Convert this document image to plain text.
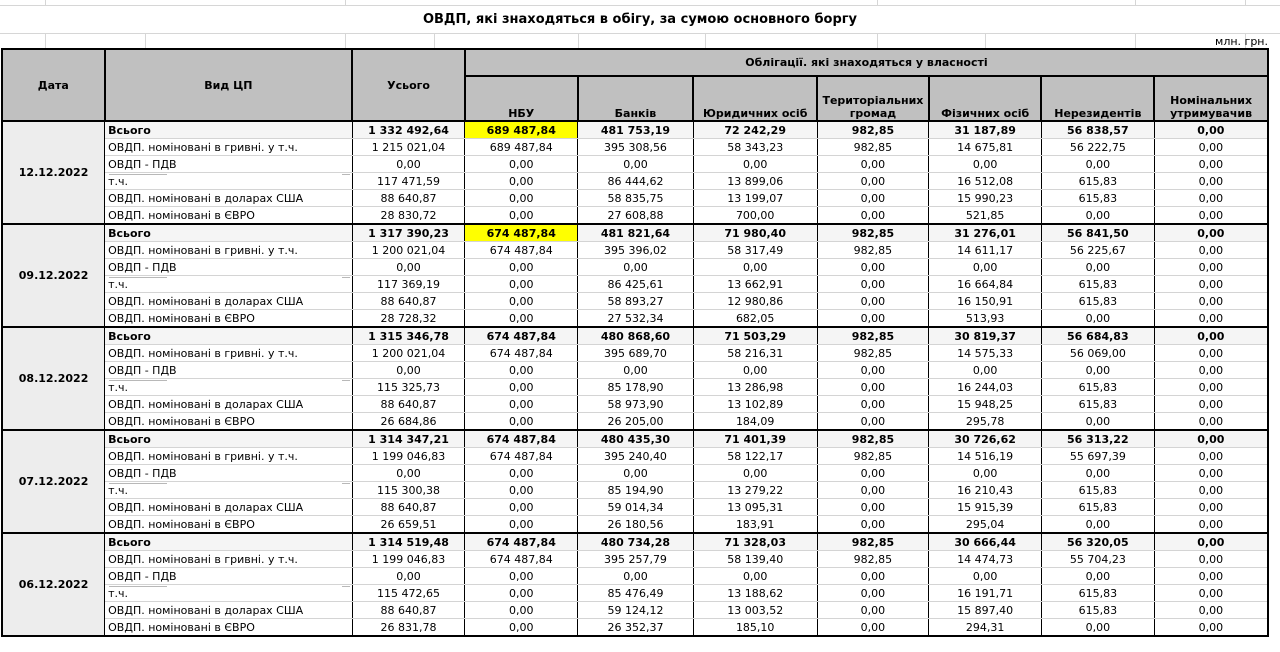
ОВДП, які знаходяться в обігу, за сумою основного боргу
млн. грн.
Дата	Вид ЦП	Усього	Облігації. які знаходяться у власності						
			НБУ	Банків	Юридичних осіб	Територіальних громад	Фізичних осіб	Нерезидентів	Номінальних утримувачив
12.12.2022	Всього	1 332 492,64	689 487,84	481 753,19	72 242,29	982,85	31 187,89	56 838,57	0,00
	ОВДП. номіновані в гривні. у т.ч.	1 215 021,04	689 487,84	395 308,56	58 343,23	982,85	14 675,81	56 222,75	0,00
	ОВДП - ПДВ	0,00	0,00	0,00	0,00	0,00	0,00	0,00	0,00
	т.ч.	117 471,59	0,00	86 444,62	13 899,06	0,00	16 512,08	615,83	0,00
	ОВДП. номіновані в доларах США	88 640,87	0,00	58 835,75	13 199,07	0,00	15 990,23	615,83	0,00
	ОВДП. номіновані в ЄВРО	28 830,72	0,00	27 608,88	700,00	0,00	521,85	0,00	0,00
09.12.2022	Всього	1 317 390,23	674 487,84	481 821,64	71 980,40	982,85	31 276,01	56 841,50	0,00
	ОВДП. номіновані в гривні. у т.ч.	1 200 021,04	674 487,84	395 396,02	58 317,49	982,85	14 611,17	56 225,67	0,00
	ОВДП - ПДВ	0,00	0,00	0,00	0,00	0,00	0,00	0,00	0,00
	т.ч.	117 369,19	0,00	86 425,61	13 662,91	0,00	16 664,84	615,83	0,00
	ОВДП. номіновані в доларах США	88 640,87	0,00	58 893,27	12 980,86	0,00	16 150,91	615,83	0,00
	ОВДП. номіновані в ЄВРО	28 728,32	0,00	27 532,34	682,05	0,00	513,93	0,00	0,00
08.12.2022	Всього	1 315 346,78	674 487,84	480 868,60	71 503,29	982,85	30 819,37	56 684,83	0,00
	ОВДП. номіновані в гривні. у т.ч.	1 200 021,04	674 487,84	395 689,70	58 216,31	982,85	14 575,33	56 069,00	0,00
	ОВДП - ПДВ	0,00	0,00	0,00	0,00	0,00	0,00	0,00	0,00
	т.ч.	115 325,73	0,00	85 178,90	13 286,98	0,00	16 244,03	615,83	0,00
	ОВДП. номіновані в доларах США	88 640,87	0,00	58 973,90	13 102,89	0,00	15 948,25	615,83	0,00
	ОВДП. номіновані в ЄВРО	26 684,86	0,00	26 205,00	184,09	0,00	295,78	0,00	0,00
07.12.2022	Всього	1 314 347,21	674 487,84	480 435,30	71 401,39	982,85	30 726,62	56 313,22	0,00
	ОВДП. номіновані в гривні. у т.ч.	1 199 046,83	674 487,84	395 240,40	58 122,17	982,85	14 516,19	55 697,39	0,00
	ОВДП - ПДВ	0,00	0,00	0,00	0,00	0,00	0,00	0,00	0,00
	т.ч.	115 300,38	0,00	85 194,90	13 279,22	0,00	16 210,43	615,83	0,00
	ОВДП. номіновані в доларах США	88 640,87	0,00	59 014,34	13 095,31	0,00	15 915,39	615,83	0,00
	ОВДП. номіновані в ЄВРО	26 659,51	0,00	26 180,56	183,91	0,00	295,04	0,00	0,00
06.12.2022	Всього	1 314 519,48	674 487,84	480 734,28	71 328,03	982,85	30 666,44	56 320,05	0,00
	ОВДП. номіновані в гривні. у т.ч.	1 199 046,83	674 487,84	395 257,79	58 139,40	982,85	14 474,73	55 704,23	0,00
	ОВДП - ПДВ	0,00	0,00	0,00	0,00	0,00	0,00	0,00	0,00
	т.ч.	115 472,65	0,00	85 476,49	13 188,62	0,00	16 191,71	615,83	0,00
	ОВДП. номіновані в доларах США	88 640,87	0,00	59 124,12	13 003,52	0,00	15 897,40	615,83	0,00
	ОВДП. номіновані в ЄВРО	26 831,78	0,00	26 352,37	185,10	0,00	294,31	0,00	0,00
